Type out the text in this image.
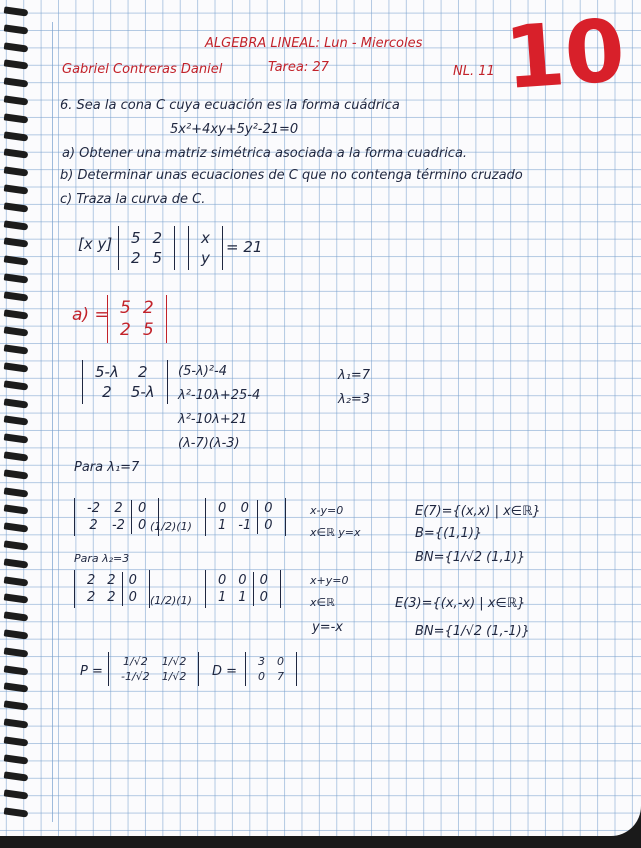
ALGEBRA LINEAL: Lun - Miercoles
Gabriel Contreras Daniel	Tarea: 27	NL. 11 10
6. Sea la cona C cuya ecuación es la forma cuádrica
5x²+4xy+5y²-21=0
a) Obtener una matriz simétrica asociada a la forma cuadrica.
b) Determinar unas ecuaciones de C que no contenga término cruzado
c) Traza la curva de C.
[x y]	5 2
2 5
x
y
= 21
a) = 5 2
2 5
5-λ	2
2	5-λ
(5-λ)²-4
λ²-10λ+25-4
λ²-10λ+21
(λ-7)(λ-3)
λ₁=7
λ₂=3
Para λ₁=7
-2	2	0
2	-2	0 (1/2)(1)
0	0	0
1 -1	0
x-y=0
x∈ℝ y=x
E(7)={(x,x) | x∈ℝ}
B={(1,1)}
BN={1/√2 (1,1)}
Para λ₂=3
2 2	0
2 2	0	(1/2)(1)
0 0	0
1 1	0
x+y=0
x∈ℝ
y=-x
E(3)={(x,-x) | x∈ℝ}
BN={1/√2 (1,-1)}
P =
1/√2	1/√2
-1/√2	1/√2	D =
3	0
0	7
